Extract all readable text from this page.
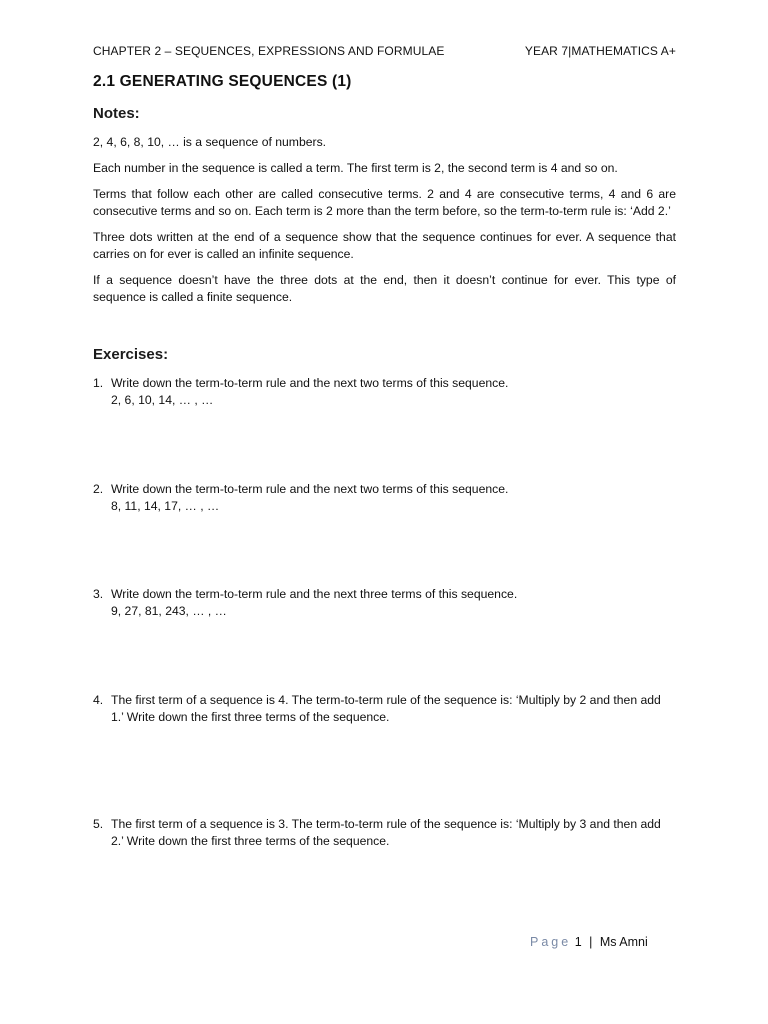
CHAPTER 2 – SEQUENCES, EXPRESSIONS AND FORMULAE	YEAR 7|MATHEMATICS A+
2.1 GENERATING SEQUENCES (1)
Notes:

2, 4, 6, 8, 10, … is a sequence of numbers.

Each number in the sequence is called a term. The first term is 2, the second term is 4 and so on.

Terms that follow each other are called consecutive terms. 2 and 4 are consecutive terms, 4 and 6 are consecutive terms and so on. Each term is 2 more than the term before, so the term-to-term rule is: ‘Add 2.’

Three dots written at the end of a sequence show that the sequence continues for ever. A sequence that carries on for ever is called an infinite sequence.

If a sequence doesn’t have the three dots at the end, then it doesn’t continue for ever. This type of sequence is called a finite sequence.

Exercises:
1. Write down the term-to-term rule and the next two terms of this sequence.
2, 6, 10, 14, … , …
2. Write down the term-to-term rule and the next two terms of this sequence.
8, 11, 14, 17, … , …
3. Write down the term-to-term rule and the next three terms of this sequence.
9, 27, 81, 243, … , …
4. The first term of a sequence is 4. The term-to-term rule of the sequence is: ‘Multiply by 2 and then add 1.’ Write down the first three terms of the sequence.
5. The first term of a sequence is 3. The term-to-term rule of the sequence is: ‘Multiply by 3 and then add 2.’ Write down the first three terms of the sequence.
Page 1 | Ms Amni
